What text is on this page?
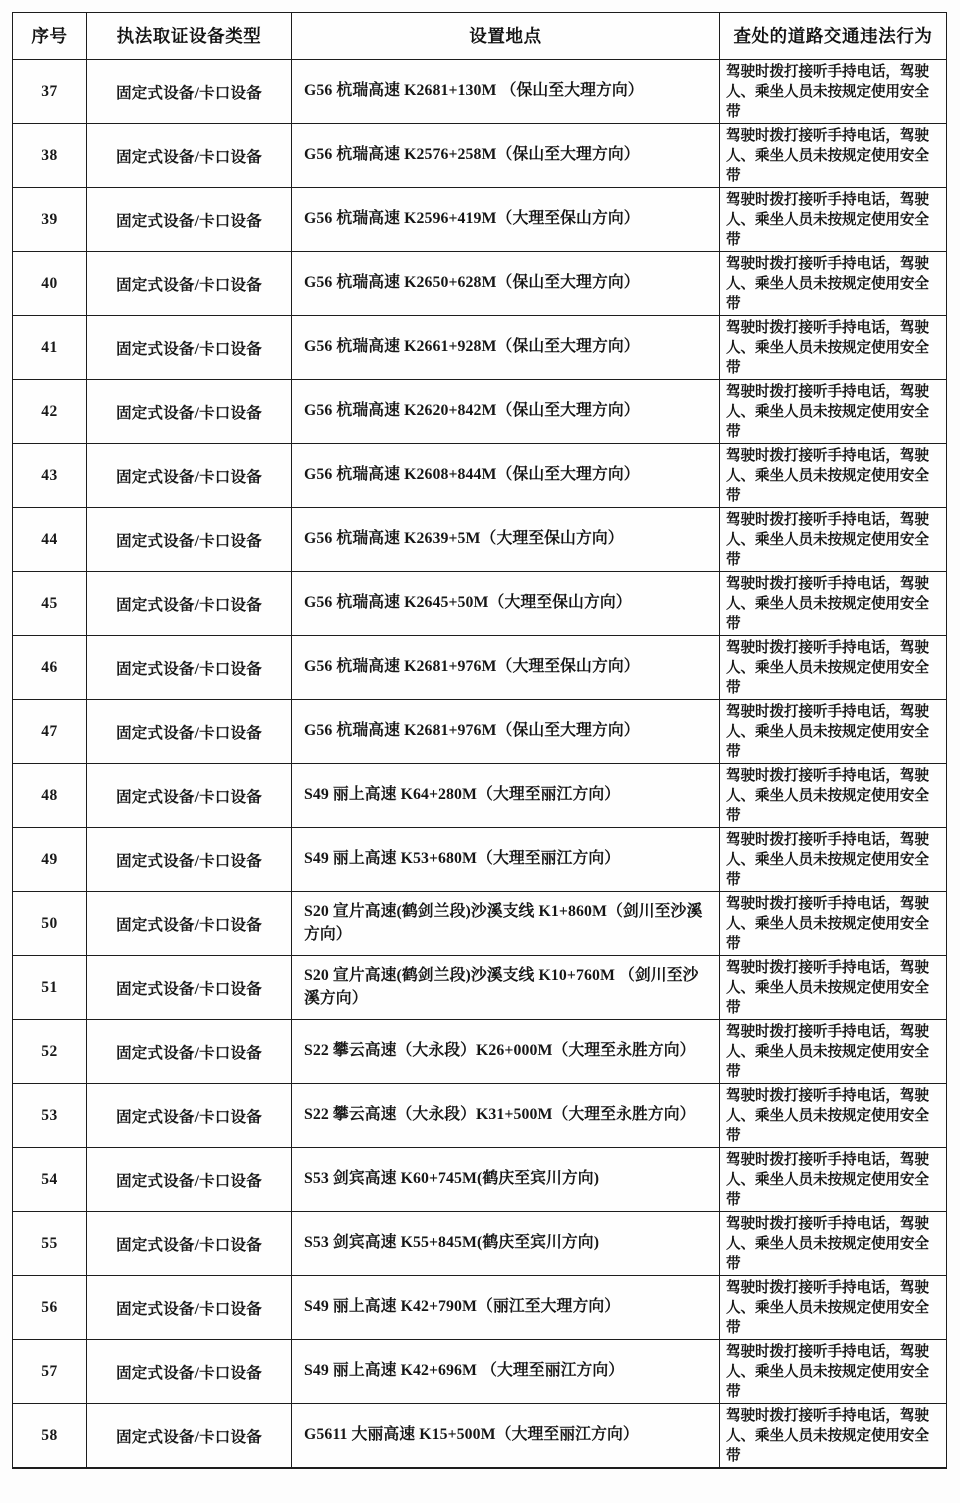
序号	执法取证设备类型	设置地点	查处的道路交通违法行为

37	固定式设备/卡口设备	G56 杭瑞高速 K2681+130M （保山至大理方向）	驾驶时拨打接听手持电话，驾驶人、乘坐人员未按规定使用安全带

38	固定式设备/卡口设备	G56 杭瑞高速 K2576+258M（保山至大理方向）	驾驶时拨打接听手持电话，驾驶人、乘坐人员未按规定使用安全带

39	固定式设备/卡口设备	G56 杭瑞高速 K2596+419M（大理至保山方向）	驾驶时拨打接听手持电话，驾驶人、乘坐人员未按规定使用安全带

40	固定式设备/卡口设备	G56 杭瑞高速 K2650+628M（保山至大理方向）	驾驶时拨打接听手持电话，驾驶人、乘坐人员未按规定使用安全带

41	固定式设备/卡口设备	G56 杭瑞高速 K2661+928M（保山至大理方向）	驾驶时拨打接听手持电话，驾驶人、乘坐人员未按规定使用安全带

42	固定式设备/卡口设备	G56 杭瑞高速 K2620+842M（保山至大理方向）	驾驶时拨打接听手持电话，驾驶人、乘坐人员未按规定使用安全带

43	固定式设备/卡口设备	G56 杭瑞高速 K2608+844M（保山至大理方向）	驾驶时拨打接听手持电话，驾驶人、乘坐人员未按规定使用安全带

44	固定式设备/卡口设备	G56 杭瑞高速 K2639+5M（大理至保山方向）	驾驶时拨打接听手持电话，驾驶人、乘坐人员未按规定使用安全带

45	固定式设备/卡口设备	G56 杭瑞高速 K2645+50M（大理至保山方向）	驾驶时拨打接听手持电话，驾驶人、乘坐人员未按规定使用安全带

46	固定式设备/卡口设备	G56 杭瑞高速 K2681+976M（大理至保山方向）	驾驶时拨打接听手持电话，驾驶人、乘坐人员未按规定使用安全带

47	固定式设备/卡口设备	G56 杭瑞高速 K2681+976M（保山至大理方向）	驾驶时拨打接听手持电话，驾驶人、乘坐人员未按规定使用安全带

48	固定式设备/卡口设备	S49 丽上高速 K64+280M（大理至丽江方向）	驾驶时拨打接听手持电话，驾驶人、乘坐人员未按规定使用安全带

49	固定式设备/卡口设备	S49 丽上高速 K53+680M（大理至丽江方向）	驾驶时拨打接听手持电话，驾驶人、乘坐人员未按规定使用安全带

50	固定式设备/卡口设备	S20 宣片高速(鹤剑兰段)沙溪支线 K1+860M（剑川至沙溪方向）	驾驶时拨打接听手持电话，驾驶人、乘坐人员未按规定使用安全带

51	固定式设备/卡口设备	S20 宣片高速(鹤剑兰段)沙溪支线 K10+760M （剑川至沙溪方向）	驾驶时拨打接听手持电话，驾驶人、乘坐人员未按规定使用安全带

52	固定式设备/卡口设备	S22 攀云高速（大永段）K26+000M（大理至永胜方向）	驾驶时拨打接听手持电话，驾驶人、乘坐人员未按规定使用安全带

53	固定式设备/卡口设备	S22 攀云高速（大永段）K31+500M（大理至永胜方向）	驾驶时拨打接听手持电话，驾驶人、乘坐人员未按规定使用安全带

54	固定式设备/卡口设备	S53 剑宾高速 K60+745M(鹤庆至宾川方向)	驾驶时拨打接听手持电话，驾驶人、乘坐人员未按规定使用安全带

55	固定式设备/卡口设备	S53 剑宾高速 K55+845M(鹤庆至宾川方向)	驾驶时拨打接听手持电话，驾驶人、乘坐人员未按规定使用安全带

56	固定式设备/卡口设备	S49 丽上高速 K42+790M（丽江至大理方向）	驾驶时拨打接听手持电话，驾驶人、乘坐人员未按规定使用安全带

57	固定式设备/卡口设备	S49 丽上高速 K42+696M （大理至丽江方向）	驾驶时拨打接听手持电话，驾驶人、乘坐人员未按规定使用安全带

58	固定式设备/卡口设备	G5611 大丽高速 K15+500M（大理至丽江方向）	驾驶时拨打接听手持电话，驾驶人、乘坐人员未按规定使用安全带
